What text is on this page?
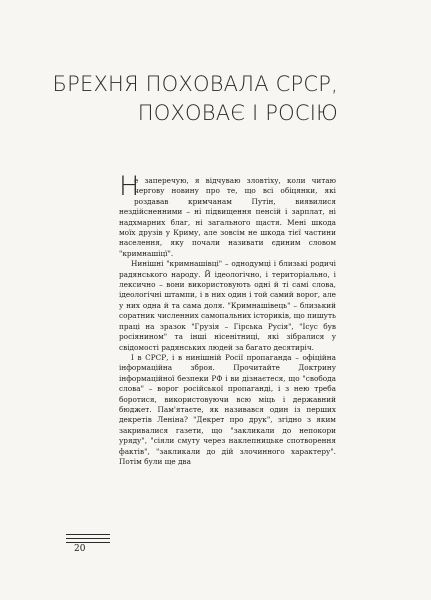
БРЕХНЯ ПОХОВАЛА СРСР,
ПОХОВАЄ І РОСІЮ

Н
е заперечую, я відчуваю зловтіху, коли читаю чергову новину про те, що всі обіцянки, які роздавав кримчанам Путін, виявилися нездійсненними – ні підвищення пенсій і зарплат, ні надхмарних благ, ні загального щастя. Мені шкода моїх друзів у Криму, але зовсім не шкода тієї частини населення, яку почали називати єдиним словом "кримнашіцї".

Нинішні "кримнашівці" – однодумці і близькі родичі радянського народу. Й ідеологічно, і територіально, і лексично – вони використовують одні й ті самі слова, ідеологічні штампи, і в них один і той самий ворог, але у них одна й та сама доля. "Кримнашівець" – близький соратник численних самопальних істориків, що пишуть праці на зразок "Грузія – Гірська Русія", "Ісус був росіянином" та інші нісенітниці, які зібралися у свідомості радянських людей за багато десятиріч.

І в СРСР, і в нинішній Росії пропаганда – офіційна інформаційна зброя. Прочитайте Доктрину інформаційної безпеки РФ і ви дізнаєтеся, що "свобода слова" – ворог російської пропаганді, і з нею треба боротися, використовуючи всю міць і державний бюджет. Пам'ятаєте, як називався один із перших декретів Леніна? "Декрет про друк", згідно з яким закривалися газети, що "закликали до непокори уряду", "сіяли смуту через наклепницьке спотворення фактів", "закликали до дій злочинного характеру". Потім були ще два

20
